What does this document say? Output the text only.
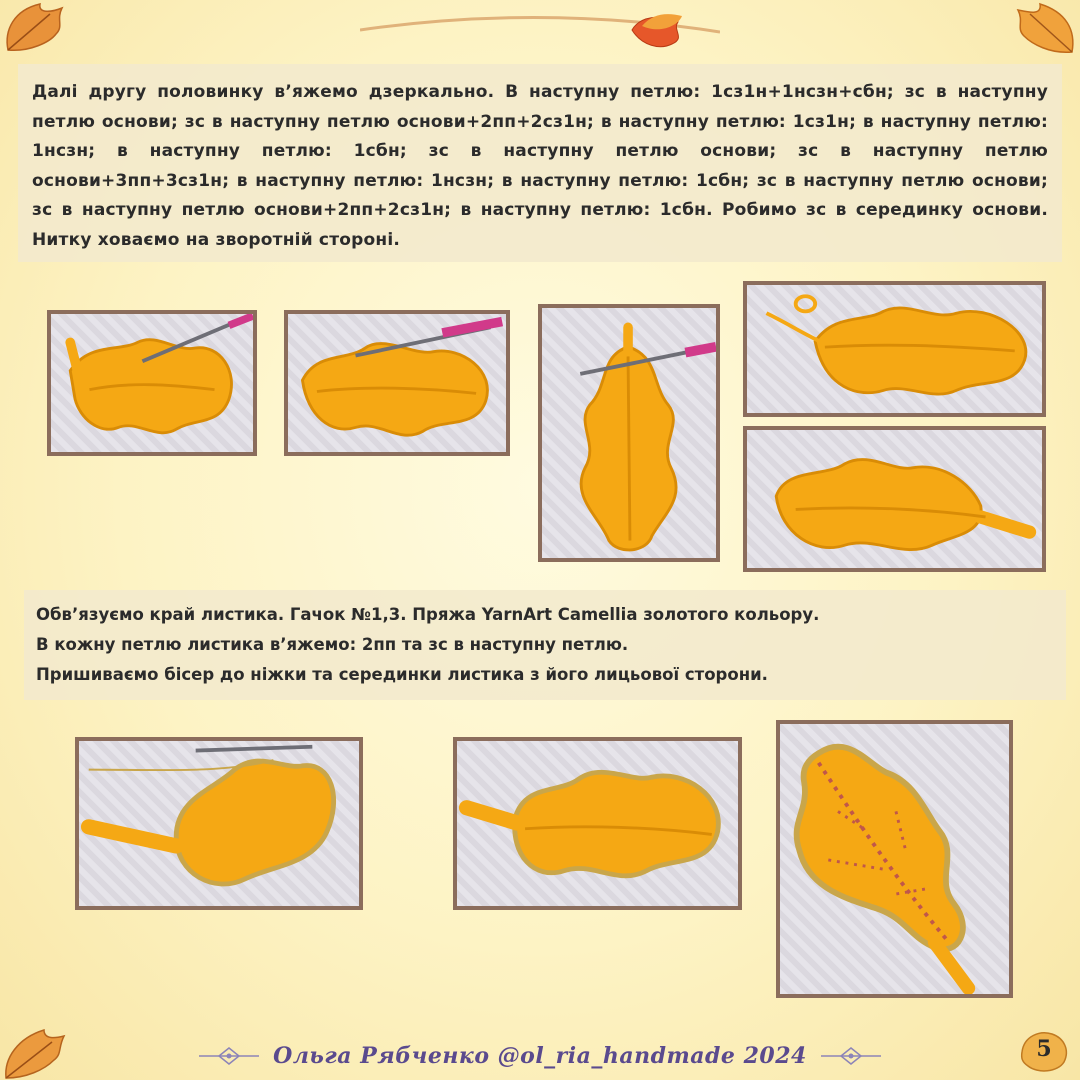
Далі другу половинку в’яжемо дзеркально. В наступну петлю: 1сз1н+1нсзн+сбн; зс в наступну петлю основи; зс в наступну петлю основи+2пп+2сз1н; в наступну петлю: 1сз1н; в наступну петлю: 1нсзн; в наступну петлю: 1сбн; зс в наступну петлю основи; зс в наступну петлю основи+3пп+3сз1н; в наступну петлю: 1нсзн; в наступну петлю: 1сбн; зс в наступну петлю основи; зс в наступну петлю основи+2пп+2сз1н; в наступну петлю: 1сбн. Робимо зс в серединку основи. Нитку ховаємо на зворотній стороні.

Обв’язуємо край листика. Гачок №1,3. Пряжа YarnArt Camellia золотого кольору.

В кожну петлю листика в’яжемо: 2пп та зс в наступну петлю.

Пришиваємо бісер до ніжки та серединки листика з його лицьової сторони.

Ольга Рябченко @ol_ria_handmade 2024	5
